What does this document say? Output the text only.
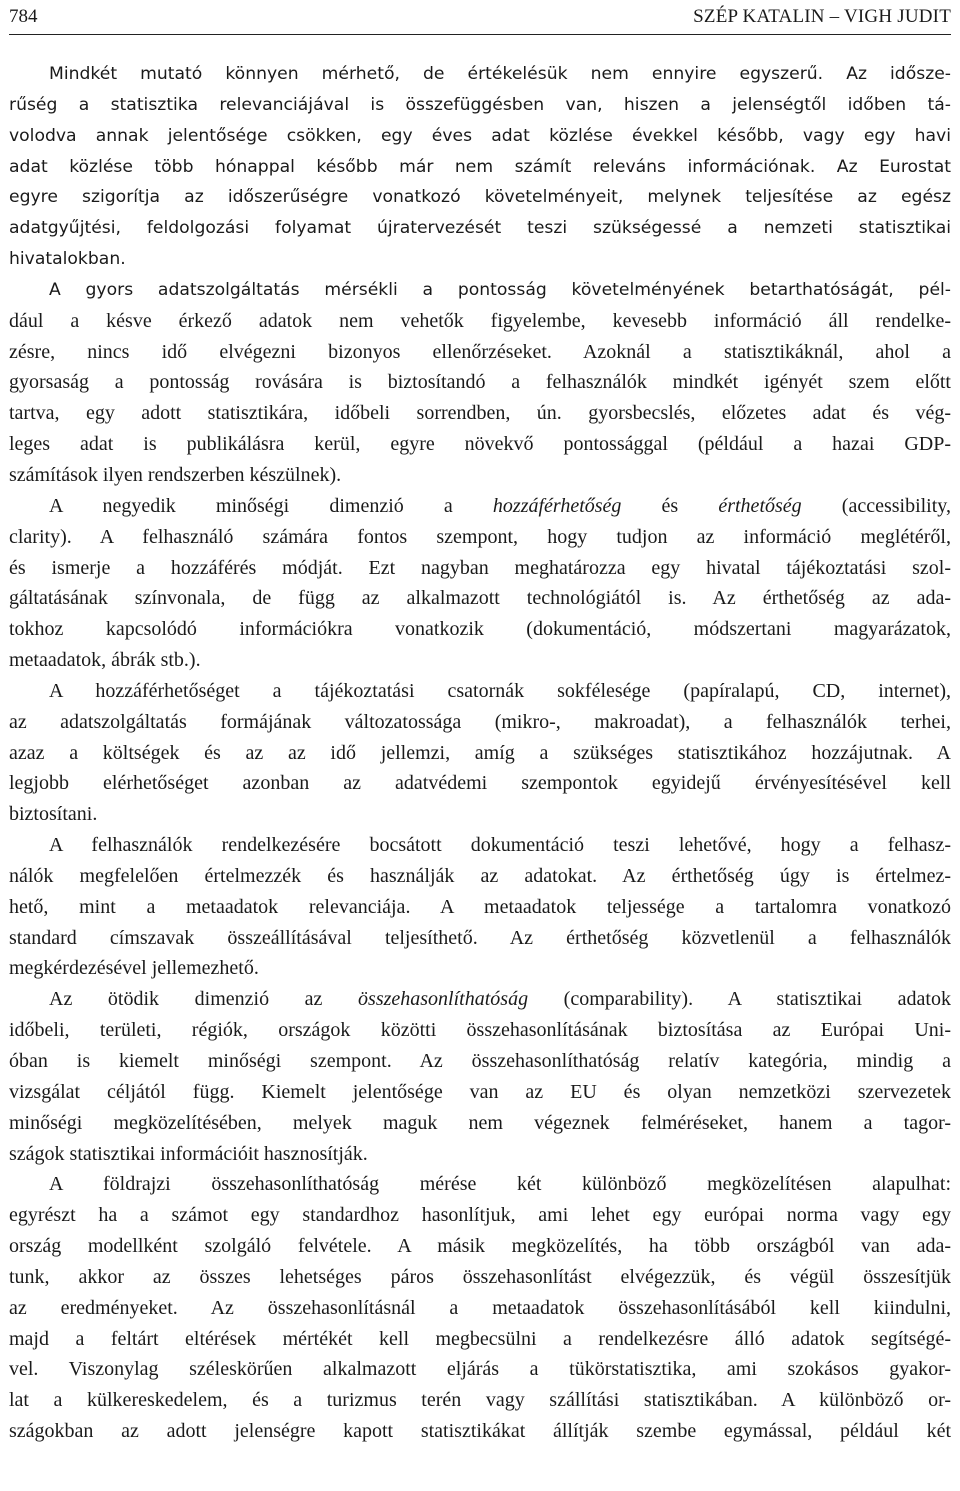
784	SZÉP KATALIN – VIGH JUDIT
Mindkét mutató könnyen mérhető, de értékelésük nem ennyire egyszerű. Az idősze-
rűség a statisztika relevanciájával is összefüggésben van, hiszen a jelenségtől időben tá-
volodva annak jelentősége csökken, egy éves adat közlése évekkel később, vagy egy havi
adat közlése több hónappal később már nem számít releváns információnak. Az Eurostat
egyre szigorítja az időszerűségre vonatkozó követelményeit, melynek teljesítése az egész
adatgyűjtési, feldolgozási folyamat újratervezését teszi szükségessé a nemzeti statisztikai
hivatalokban.
A gyors adatszolgáltatás mérsékli a pontosság követelményének betarthatóságát, pél-
dául a késve érkező adatok nem vehetők figyelembe, kevesebb információ áll rendelke-
zésre, nincs idő elvégezni bizonyos ellenőrzéseket. Azoknál a statisztikáknál, ahol a
gyorsaság a pontosság rovására is biztosítandó a felhasználók mindkét igényét szem előtt
tartva, egy adott statisztikára, időbeli sorrendben, ún. gyorsbecslés, előzetes adat és vég-
leges adat is publikálásra kerül, egyre növekvő pontossággal (például a hazai GDP-
számítások ilyen rendszerben készülnek).
A negyedik minőségi dimenzió a hozzáférhetőség és érthetőség (accessibility,
clarity). A felhasználó számára fontos szempont, hogy tudjon az információ meglétéről,
és ismerje a hozzáférés módját. Ezt nagyban meghatározza egy hivatal tájékoztatási szol-
gáltatásának színvonala, de függ az alkalmazott technológiától is. Az érthetőség az ada-
tokhoz kapcsolódó információkra vonatkozik (dokumentáció, módszertani magyarázatok,
metaadatok, ábrák stb.).
A hozzáférhetőséget a tájékoztatási csatornák sokfélesége (papíralapú, CD, internet),
az adatszolgáltatás formájának változatossága (mikro-, makroadat), a felhasználók terhei,
azaz a költségek és az az idő jellemzi, amíg a szükséges statisztikához hozzájutnak. A
legjobb elérhetőséget azonban az adatvédemi szempontok egyidejű érvényesítésével kell
biztosítani.
A felhasználók rendelkezésére bocsátott dokumentáció teszi lehetővé, hogy a felhasz-
nálók megfelelően értelmezzék és használják az adatokat. Az érthetőség úgy is értelmez-
hető, mint a metaadatok relevanciája. A metaadatok teljessége a tartalomra vonatkozó
standard címszavak összeállításával teljesíthető. Az érthetőség közvetlenül a felhasználók
megkérdezésével jellemezhető.
Az ötödik dimenzió az összehasonlíthatóság (comparability). A statisztikai adatok
időbeli, területi, régiók, országok közötti összehasonlításának biztosítása az Európai Uni-
óban is kiemelt minőségi szempont. Az összehasonlíthatóság relatív kategória, mindig a
vizsgálat céljától függ. Kiemelt jelentősége van az EU és olyan nemzetközi szervezetek
minőségi megközelítésében, melyek maguk nem végeznek felméréseket, hanem a tagor-
szágok statisztikai információit hasznosítják.
A földrajzi összehasonlíthatóság mérése két különböző megközelítésen alapulhat:
egyrészt ha a számot egy standardhoz hasonlítjuk, ami lehet egy európai norma vagy egy
ország modellként szolgáló felvétele. A másik megközelítés, ha több országból van ada-
tunk, akkor az összes lehetséges páros összehasonlítást elvégezzük, és végül összesítjük
az eredményeket. Az összehasonlításnál a metaadatok összehasonlításából kell kiindulni,
majd a feltárt eltérések mértékét kell megbecsülni a rendelkezésre álló adatok segítségé-
vel. Viszonylag széleskörűen alkalmazott eljárás a tükörstatisztika, ami szokásos gyakor-
lat a külkereskedelem, és a turizmus terén vagy szállítási statisztikában. A különböző or-
szágokban az adott jelenségre kapott statisztikákat állítják szembe egymással, például két
